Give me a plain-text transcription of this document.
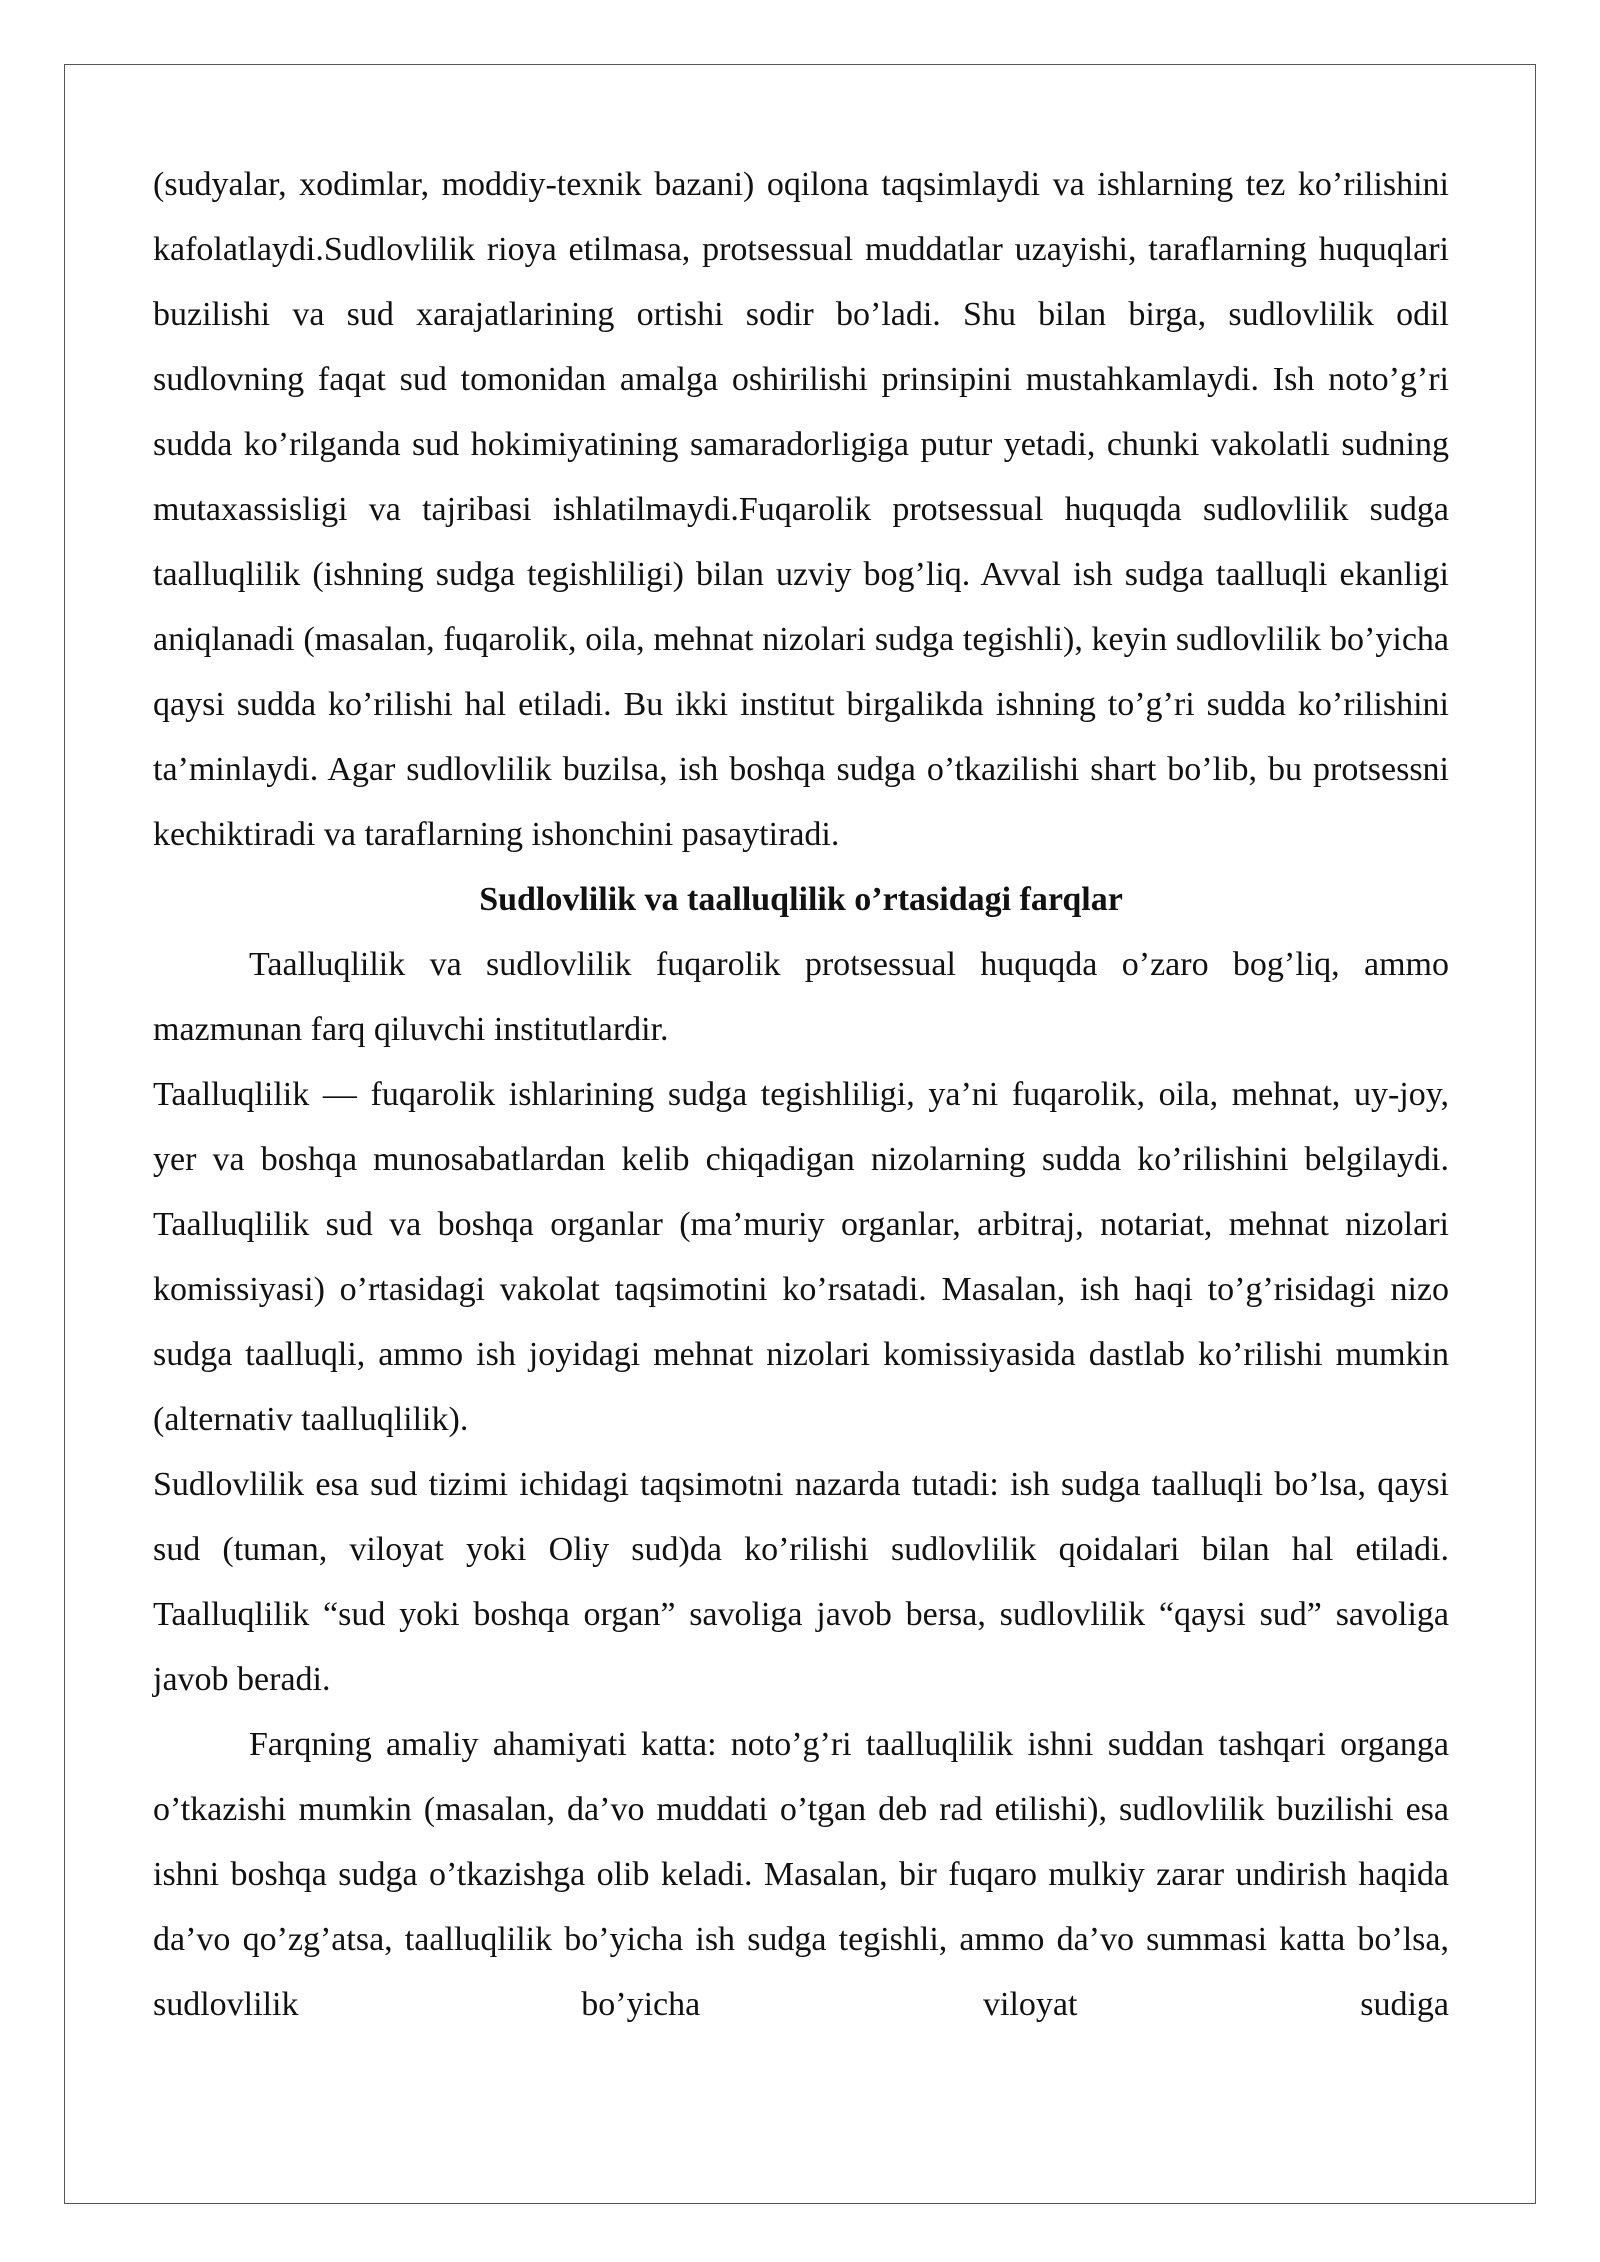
(sudyalar, xodimlar, moddiy-texnik bazani) oqilona taqsimlaydi va ishlarning tez ko’rilishini kafolatlaydi.Sudlovlilik rioya etilmasa, protsessual muddatlar uzayishi, taraflarning huquqlari buzilishi va sud xarajatlarining ortishi sodir bo’ladi. Shu bilan birga, sudlovlilik odil sudlovning faqat sud tomonidan amalga oshirilishi prinsipini mustahkamlaydi. Ish noto’g’ri sudda ko’rilganda sud hokimiyatining samaradorligiga putur yetadi, chunki vakolatli sudning mutaxassisligi va tajribasi ishlatilmaydi.Fuqarolik protsessual huquqda sudlovlilik sudga taalluqlilik (ishning sudga tegishliligi) bilan uzviy bog’liq. Avval ish sudga taalluqli ekanligi aniqlanadi (masalan, fuqarolik, oila, mehnat nizolari sudga tegishli), keyin sudlovlilik bo’yicha qaysi sudda ko’rilishi hal etiladi. Bu ikki institut birgalikda ishning to’g’ri sudda ko’rilishini ta’minlaydi. Agar sudlovlilik buzilsa, ish boshqa sudga o’tkazilishi shart bo’lib, bu protsessni kechiktiradi va taraflarning ishonchini pasaytiradi.

Sudlovlilik va taalluqlilik o’rtasidagi farqlar

Taalluqlilik va sudlovlilik fuqarolik protsessual huquqda o’zaro bog’liq, ammo mazmunan farq qiluvchi institutlardir.

Taalluqlilik — fuqarolik ishlarining sudga tegishliligi, ya’ni fuqarolik, oila, mehnat, uy-joy, yer va boshqa munosabatlardan kelib chiqadigan nizolarning sudda ko’rilishini belgilaydi. Taalluqlilik sud va boshqa organlar (ma’muriy organlar, arbitraj, notariat, mehnat nizolari komissiyasi) o’rtasidagi vakolat taqsimotini ko’rsatadi. Masalan, ish haqi to’g’risidagi nizo sudga taalluqli, ammo ish joyidagi mehnat nizolari komissiyasida dastlab ko’rilishi mumkin (alternativ taalluqlilik).

Sudlovlilik esa sud tizimi ichidagi taqsimotni nazarda tutadi: ish sudga taalluqli bo’lsa, qaysi sud (tuman, viloyat yoki Oliy sud)da ko’rilishi sudlovlilik qoidalari bilan hal etiladi. Taalluqlilik “sud yoki boshqa organ” savoliga javob bersa, sudlovlilik “qaysi sud” savoliga javob beradi.

Farqning amaliy ahamiyati katta: noto’g’ri taalluqlilik ishni suddan tashqari organga o’tkazishi mumkin (masalan, da’vo muddati o’tgan deb rad etilishi), sudlovlilik buzilishi esa ishni boshqa sudga o’tkazishga olib keladi. Masalan, bir fuqaro mulkiy zarar undirish haqida da’vo qo’zg’atsa, taalluqlilik bo’yicha ish sudga tegishli, ammo da’vo summasi katta bo’lsa, sudlovlilik bo’yicha viloyat sudiga
